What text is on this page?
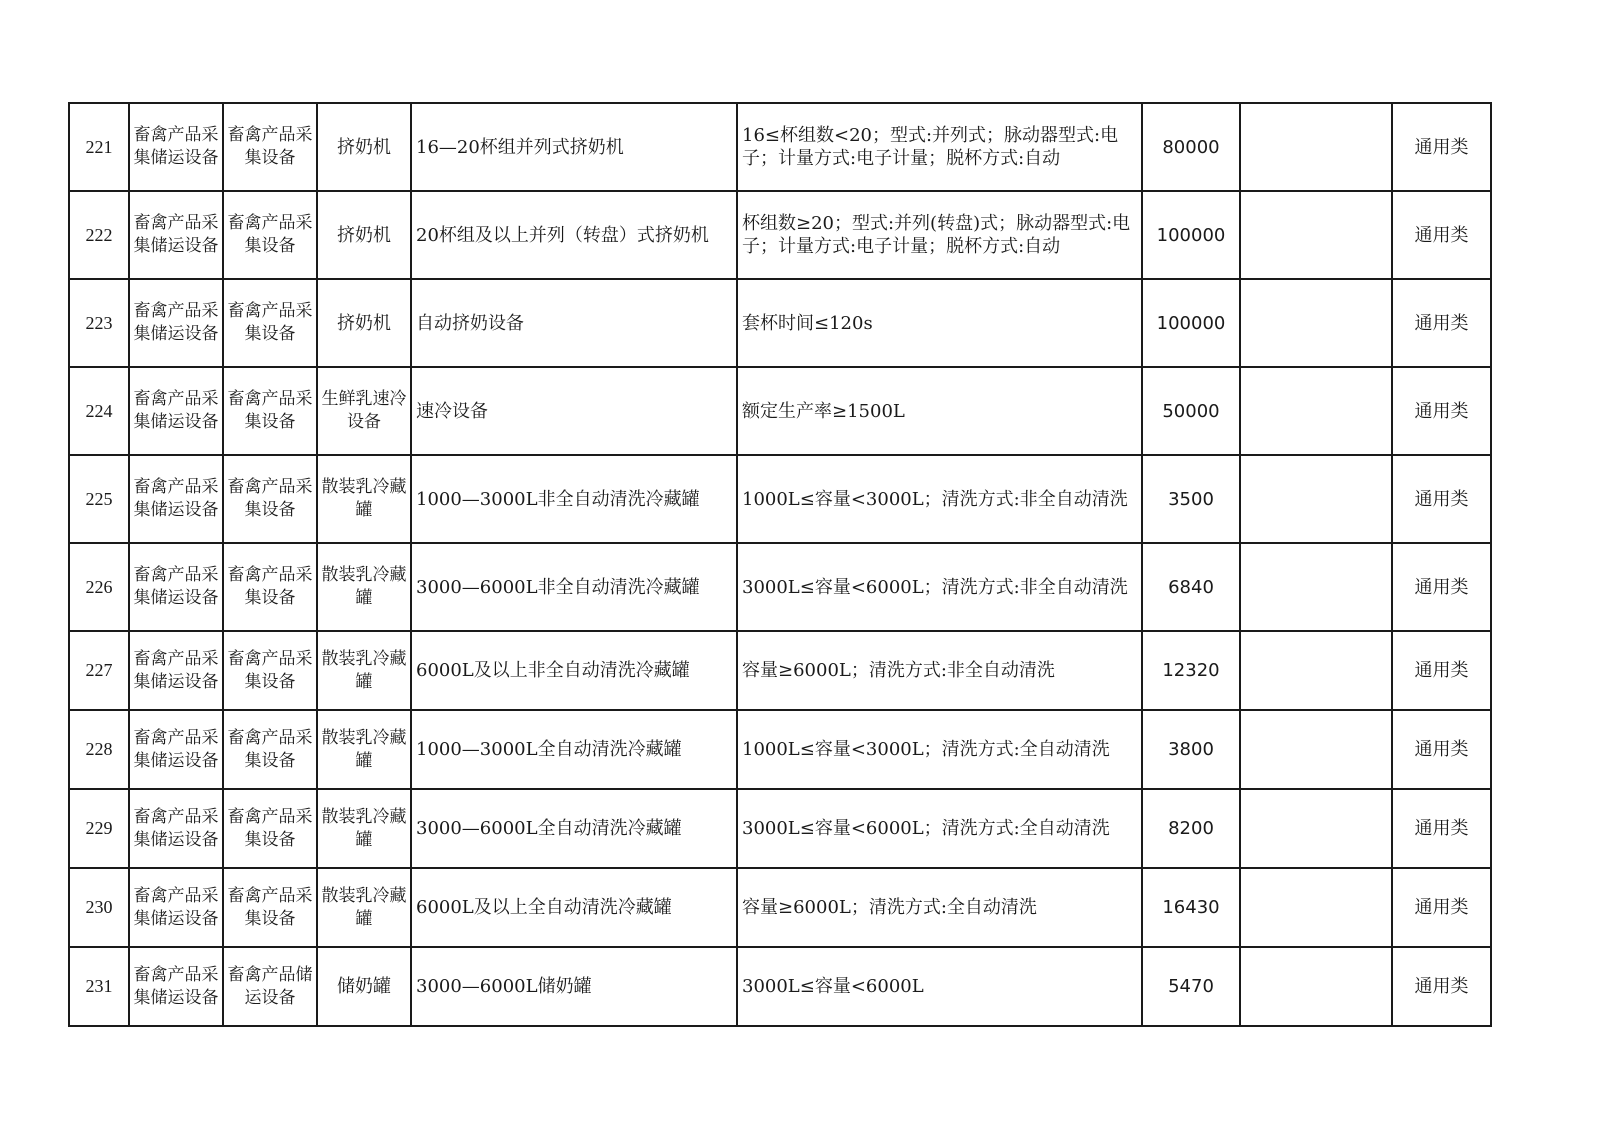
221	畜禽产品采集储运设备	畜禽产品采集设备	挤奶机	16—20杯组并列式挤奶机	16≤杯组数<20；型式:并列式；脉动器型式:电子；计量方式:电子计量；脱杯方式:自动	80000		通用类
222	畜禽产品采集储运设备	畜禽产品采集设备	挤奶机	20杯组及以上并列（转盘）式挤奶机	杯组数≥20；型式:并列(转盘)式；脉动器型式:电子；计量方式:电子计量；脱杯方式:自动	100000		通用类
223	畜禽产品采集储运设备	畜禽产品采集设备	挤奶机	自动挤奶设备	套杯时间≤120s	100000		通用类
224	畜禽产品采集储运设备	畜禽产品采集设备	生鲜乳速冷设备	速冷设备	额定生产率≥1500L	50000		通用类
225	畜禽产品采集储运设备	畜禽产品采集设备	散装乳冷藏罐	1000—3000L非全自动清洗冷藏罐	1000L≤容量<3000L；清洗方式:非全自动清洗	3500		通用类
226	畜禽产品采集储运设备	畜禽产品采集设备	散装乳冷藏罐	3000—6000L非全自动清洗冷藏罐	3000L≤容量<6000L；清洗方式:非全自动清洗	6840		通用类
227	畜禽产品采集储运设备	畜禽产品采集设备	散装乳冷藏罐	6000L及以上非全自动清洗冷藏罐	容量≥6000L；清洗方式:非全自动清洗	12320		通用类
228	畜禽产品采集储运设备	畜禽产品采集设备	散装乳冷藏罐	1000—3000L全自动清洗冷藏罐	1000L≤容量<3000L；清洗方式:全自动清洗	3800		通用类
229	畜禽产品采集储运设备	畜禽产品采集设备	散装乳冷藏罐	3000—6000L全自动清洗冷藏罐	3000L≤容量<6000L；清洗方式:全自动清洗	8200		通用类
230	畜禽产品采集储运设备	畜禽产品采集设备	散装乳冷藏罐	6000L及以上全自动清洗冷藏罐	容量≥6000L；清洗方式:全自动清洗	16430		通用类
231	畜禽产品采集储运设备	畜禽产品储运设备	储奶罐	3000—6000L储奶罐	3000L≤容量<6000L	5470		通用类
